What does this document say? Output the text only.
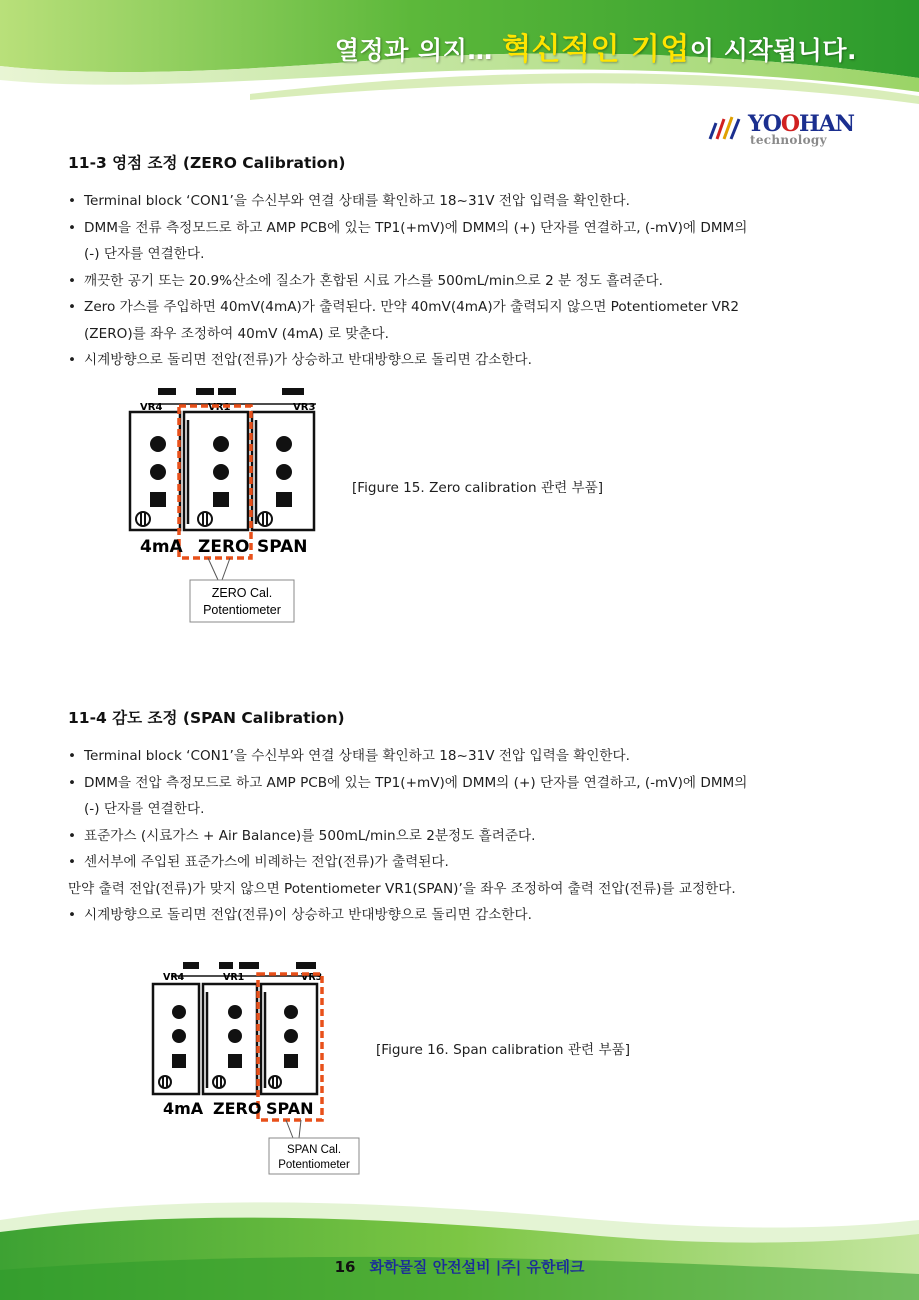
열정과 의지… 혁신적인 기업이 시작됩니다.
YOOHAN
technology
11-3 영점 조정 (ZERO Calibration)
• Terminal block ‘CON1’을 수신부와 연결 상태를 확인하고 18~31V 전압 입력을 확인한다.
• DMM을 전류 측정모드로 하고 AMP PCB에 있는 TP1(+mV)에 DMM의 (+) 단자를 연결하고, (-mV)에 DMM의
(-) 단자를 연결한다.
• 깨끗한 공기 또는 20.9%산소에 질소가 혼합된 시료 가스를 500mL/min으로 2 분 정도 흘려준다.
• Zero 가스를 주입하면 40mV(4mA)가 출력된다. 만약 40mV(4mA)가 출력되지 않으면 Potentiometer VR2
(ZERO)를 좌우 조정하여 40mV (4mA) 로 맞춘다.
• 시계방향으로 돌리면 전압(전류)가 상승하고 반대방향으로 돌리면 감소한다.
VR4	VR1	VR3
4mA ZERO SPAN
ZERO Cal.
Potentiometer
[Figure 15. Zero calibration 관련 부품]
11-4 감도 조정 (SPAN Calibration)
• Terminal block ‘CON1’을 수신부와 연결 상태를 확인하고 18~31V 전압 입력을 확인한다.
• DMM을 전압 측정모드로 하고 AMP PCB에 있는 TP1(+mV)에 DMM의 (+) 단자를 연결하고, (-mV)에 DMM의
(-) 단자를 연결한다.
• 표준가스 (시료가스 + Air Balance)를 500mL/min으로 2분정도 흘려준다.
• 센서부에 주입된 표준가스에 비례하는 전압(전류)가 출력된다.
만약 출력 전압(전류)가 맞지 않으면 Potentiometer VR1(SPAN)’을 좌우 조정하여 출력 전압(전류)를 교정한다.
• 시계방향으로 돌리면 전압(전류)이 상승하고 반대방향으로 돌리면 감소한다.
VR4	VR1	VR3
4mA ZERO SPAN
SPAN Cal.
Potentiometer
[Figure 16. Span calibration 관련 부품]
16 화학물질 안전설비 |주| 유한테크
